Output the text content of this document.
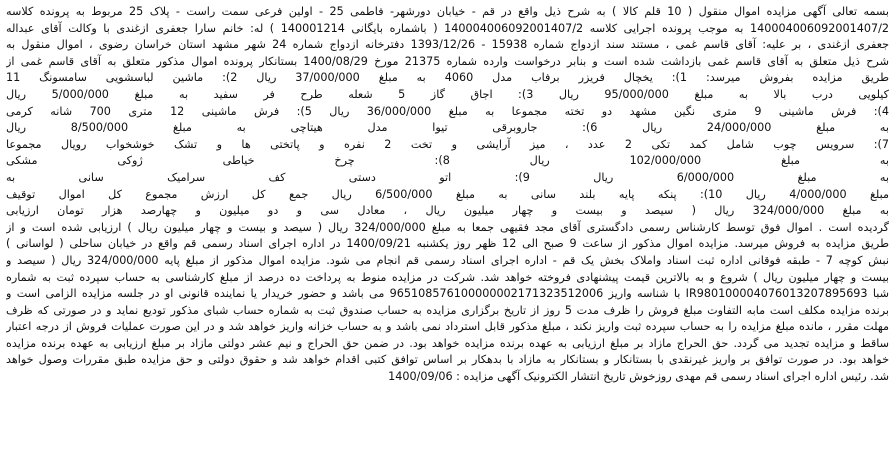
بسمه تعالی آگهی مزایده اموال منقول ( 10 قلم کالا ) به شرح ذیل واقع در قم - خیابان دورشهر- فاطمی 25 - اولین فرعی سمت راست - پلاک 25 مربوط به پرونده کلاسه
14000400609200140​7/2 به موجب پرونده اجرایی کلاسه 14000400609200140​7/2 ( باشماره بایگانی 140001214 ) له: خانم سارا جعفری ازغندی با وکالت آقای عبداله
جعفری ازغندی ، بر علیه: آقای قاسم غمی ، مستند سند ازدواج شماره 15938 - 1393/12/26 دفترخانه ازدواج شماره 24 شهر مشهد استان خراسان رضوی ، اموال منقول به
شرح ذیل متعلق به آقای قاسم غمی بازداشت شده است و بنابر درخواست وارده شماره 21375 مورخ 1400/08/29 بستانکار پرونده اموال مذکور متعلق به آقای قاسم غمی از
طریق مزایده بفروش میرسد: 1): یخچال فریزر برفاب مدل 4060 به مبلغ 37/000/000 ریال 2): ماشین لباسشویی سامسونگ 11
کیلویی درب بالا به مبلغ 95/000/000 ریال 3): اجاق گاز 5 شعله طرح فر سفید به مبلغ 5/000/000 ریال
4): فرش ماشینی 9 متری نگین مشهد دو تخته مجموعا به مبلغ 36/000/000 ریال 5): فرش ماشینی 12 متری 700 شانه کرمی
به مبلغ 24/000/000 ریال 6): جاروبرقی تیوا مدل هیتاچی به مبلغ 8/500/000 ریال
7): سرویس چوب شامل کمد تکی 2 عدد ، میز آرایشی و تخت 2 نفره و پاتختی ها و تشک خوشخواب رویال مجموعا
به مبلغ 102/000/000 ریال 8): چرخ خیاطی ژوکی مشکی
به مبلغ 6/000/000 ریال 9): اتو دستی کف سرامیک سانی به
مبلغ 4/000/000 ریال 10): پنکه پایه بلند سانی به مبلغ 6/500/000 ریال جمع کل ارزش مجموع کل اموال توقیف
به مبلغ 324/000/000 ریال ( سیصد و بیست و چهار میلیون ریال ، معادل سی و دو میلیون و چهارصد هزار تومان ارزیابی
گردیده است . اموال فوق توسط کارشناس رسمی دادگستری آقای مجد فقیهی جمعا به مبلغ 324/000/000 ریال ( سیصد و بیست و چهار میلیون ریال ) ارزیابی شده است و از
طریق مزایده به فروش میرسد. مزایده اموال مذکور از ساعت 9 صبح الی 12 ظهر روز یکشنبه 1400/09/21 در اداره اجرای اسناد رسمی قم واقع در خیابان ساحلی ( لواسانی )
نبش کوچه 7 - طبقه فوقانی اداره ثبت اسناد واملاک بخش یک قم - اداره اجرای اسناد رسمی قم انجام می شود. مزایده اموال مذکور از مبلغ پایه 324/000/000 ریال ( سیصد و
بیست و چهار میلیون ریال ) شروع و به بالاترین قیمت پیشنهادی فروخته خواهد شد. شرکت در مزایده منوط به پرداخت ده درصد از مبلغ کارشناسی به حساب سپرده ثبت به شماره
شبا IR980100004076013207895693 با شناسه واریز 965108576100000002171323512006 می باشد و حضور خریدار یا نماینده قانونی او در جلسه مزایده الزامی است و
برنده مزایده مکلف است مابه التفاوت مبلغ فروش را ظرف مدت 5 روز از تاریخ برگزاری مزایده به حساب صندوق ثبت به شماره حساب شبای مذکور تودیع نماید و در صورتی که ظرف
مهلت مقرر ، مانده مبلغ مزایده را به حساب سپرده ثبت واریز نکند ، مبلغ مذکور قابل استرداد نمی باشد و به حساب خزانه واریز خواهد شد و در این صورت عملیات فروش از درجه اعتبار
ساقط و مزایده تجدید می گردد. حق الحراج مازاد بر مبلغ ارزیابی به عهده برنده مزایده خواهد بود. در ضمن حق الحراج و نیم عشر دولتی مازاد بر مبلغ ارزیابی به عهده برنده مزایده
خواهد بود. در صورت توافق بر واریز غیرنقدی با بستانکار و بستانکار به مازاد با بدهکار بر اساس توافق کتبی اقدام خواهد شد و حقوق دولتی و حق مزایده طبق مقررات وصول خواهد
شد. رئیس اداره اجرای اسناد رسمی قم مهدی روزخوش تاریخ انتشار الکترونیک آگهی مزایده : 1400/09/06
